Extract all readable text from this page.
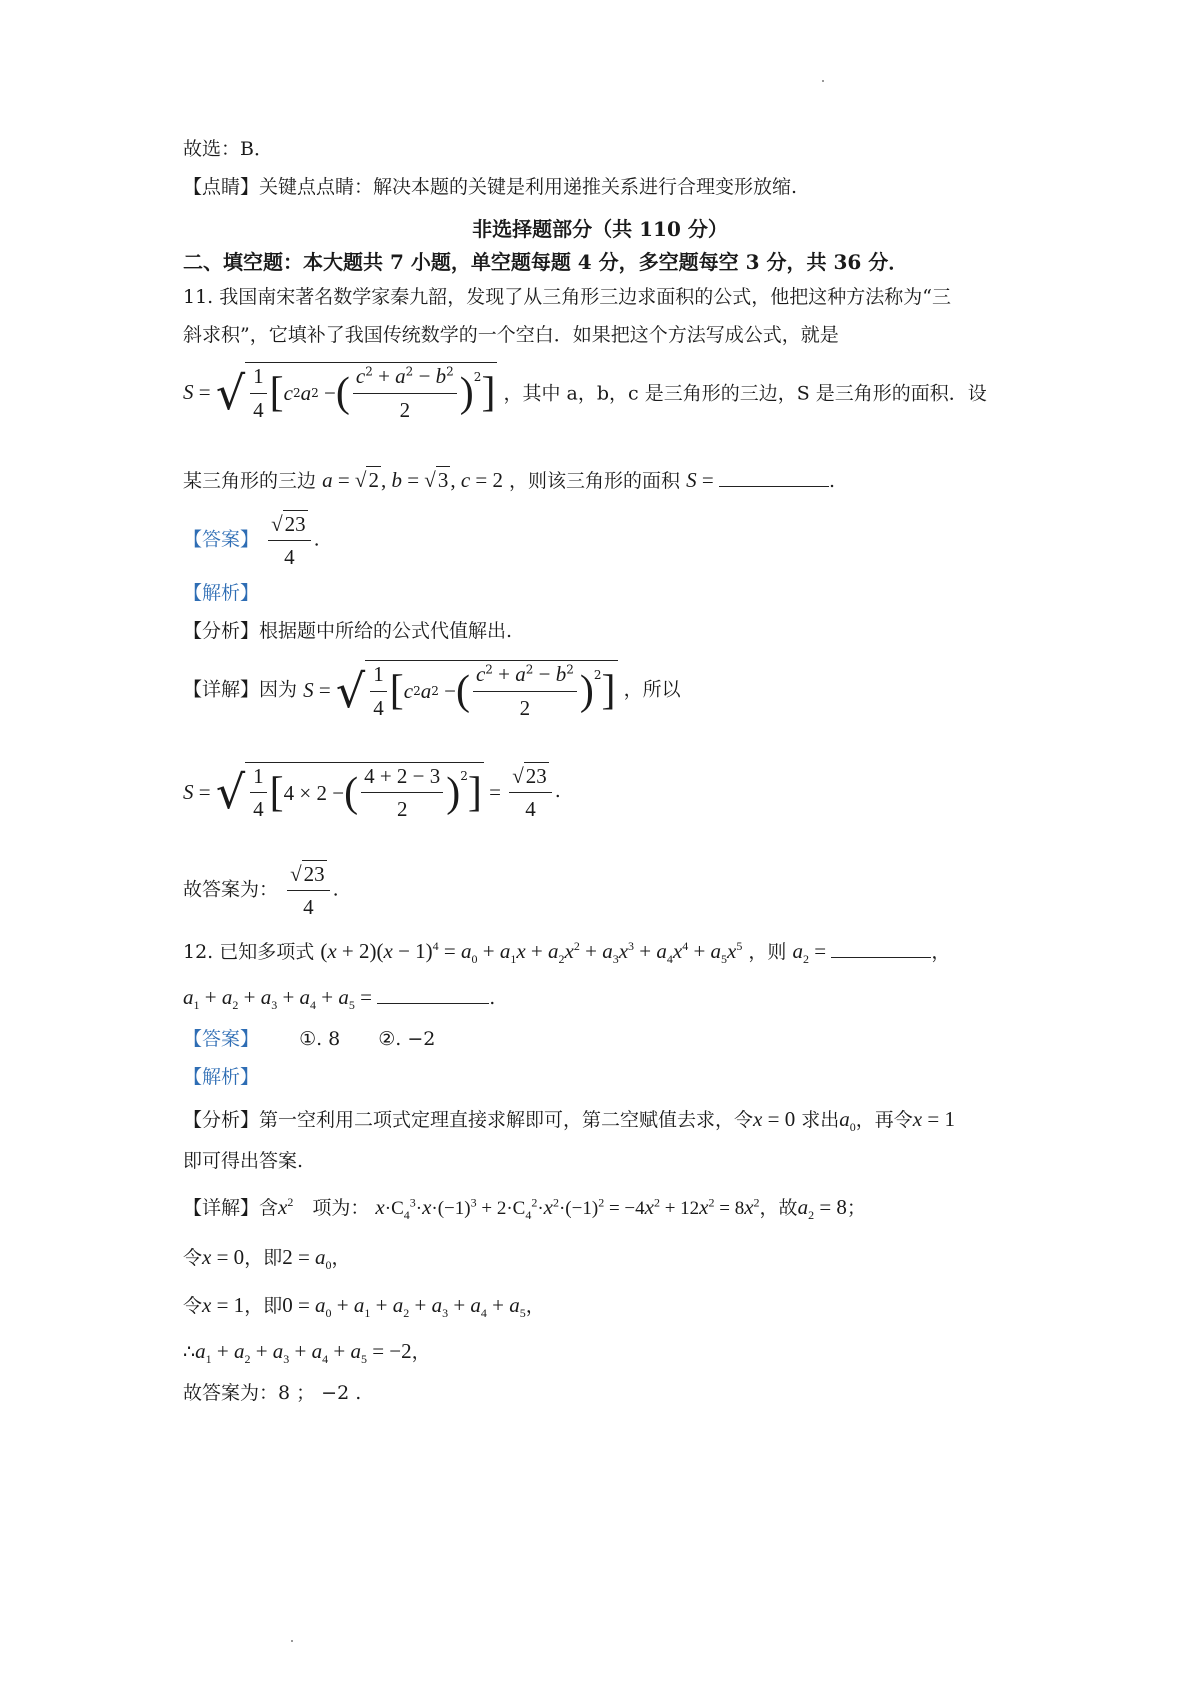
故选：B．
【点睛】关键点点睛：解决本题的关键是利用递推关系进行合理变形放缩.
非选择题部分（共 110 分）
二、填空题：本大题共 7 小题，单空题每题 4 分，多空题每空 3 分，共 36 分．
11. 我国南宋著名数学家秦九韶，发现了从三角形三边求面积的公式，他把这种方法称为“三
斜求积”，它填补了我国传统数学的一个空白．如果把这个方法写成公式，就是
S = √ $\frac{1}{4}$ [ c 2 a 2 − ( $\frac{c^2 + a^2 - b^2}{2} )^2$ ] ，其中 a，b，c 是三角形的三边，S 是三角形的面积．设
某三角形的三边 a = √2, b = √3, c = 2 ，则该三角形的面积 S =	.
【答案】 $\frac{√23}{4}$ .
【解析】
【分析】根据题中所给的公式代值解出.
【详解】因为 S = √ $\frac{1}{4}$ [ c 2 a 2 − ( $\frac{c^2 + a^2 - b^2}{2} )^2$ ] ，所以
S = √ $\frac{1}{4}$ [ 4 × 2 − ( $\frac{4 + 2 - 3}{2} )^2$ ] = $\frac{√23}{4}$ .
故答案为： $\frac{√23}{4}$ .
12. 已知多项式 $(x + 2)(x - 1)^4 = a_0 + a_1x + a_2x^2 + a_3x^3 + a_4x^4 + a_5x^5$ ，则 $a_2$ =	，
$a_1 + a_2 + a_3 + a_4 + a_5$ =	.
【答案】 ①. 8　　②. −2
【解析】
【分析】第一空利用二项式定理直接求解即可，第二空赋值去求，令x = 0 求出$a_0$，再令x = 1
即可得出答案.
【详解】含$x^2$　项为： $x\cdot C_4^3\cdot x\cdot(-1)^3 + 2\cdot C_4^2\cdot x^2\cdot(-1)^2 = -4x^2 + 12x^2 = 8x^2$，故$a_2 = 8$；
令x = 0，即$2 = a_0$，
令x = 1，即$0 = a_0 + a_1 + a_2 + a_3 + a_4 + a_5$，
$\therefore a_1 + a_2 + a_3 + a_4 + a_5 = -2$，
故答案为：8 ； −2 .
